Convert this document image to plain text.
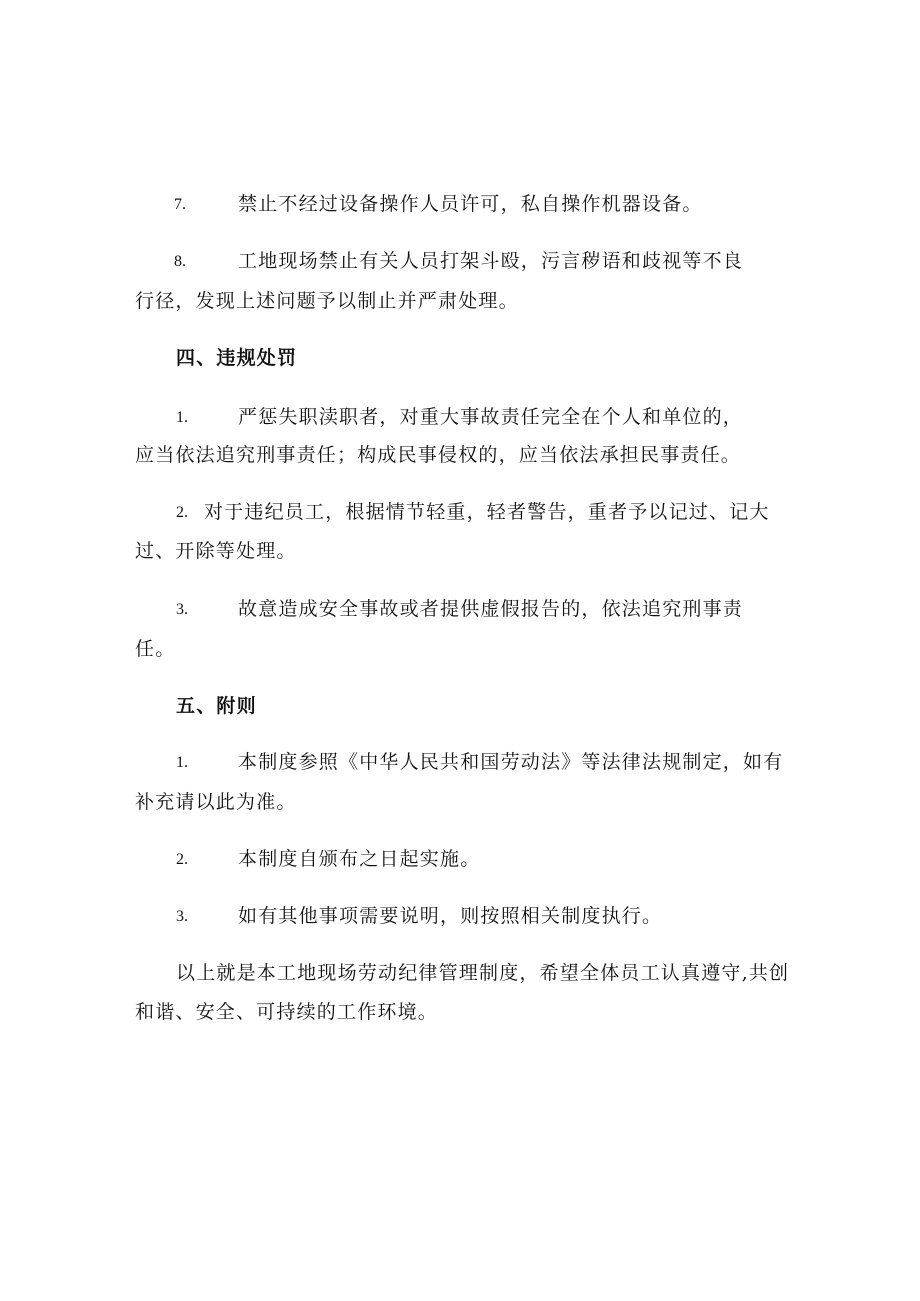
7.	禁止不经过设备操作人员许可，私自操作机器设备。
8.	工地现场禁止有关人员打架斗殴，污言秽语和歧视等不良
行径，发现上述问题予以制止并严肃处理。
四、违规处罚
1.	严惩失职渎职者，对重大事故责任完全在个人和单位的，
应当依法追究刑事责任；构成民事侵权的，应当依法承担民事责任。
2. 对于违纪员工，根据情节轻重，轻者警告，重者予以记过、记大
过、开除等处理。
3.	故意造成安全事故或者提供虚假报告的，依法追究刑事责
任。
五、附则
1.	本制度参照《中华人民共和国劳动法》等法律法规制定，如有
补充请以此为准。
2.	本制度自颁布之日起实施。
3.	如有其他事项需要说明，则按照相关制度执行。
以上就是本工地现场劳动纪律管理制度，希望全体员工认真遵守,共创
和谐、安全、可持续的工作环境。
